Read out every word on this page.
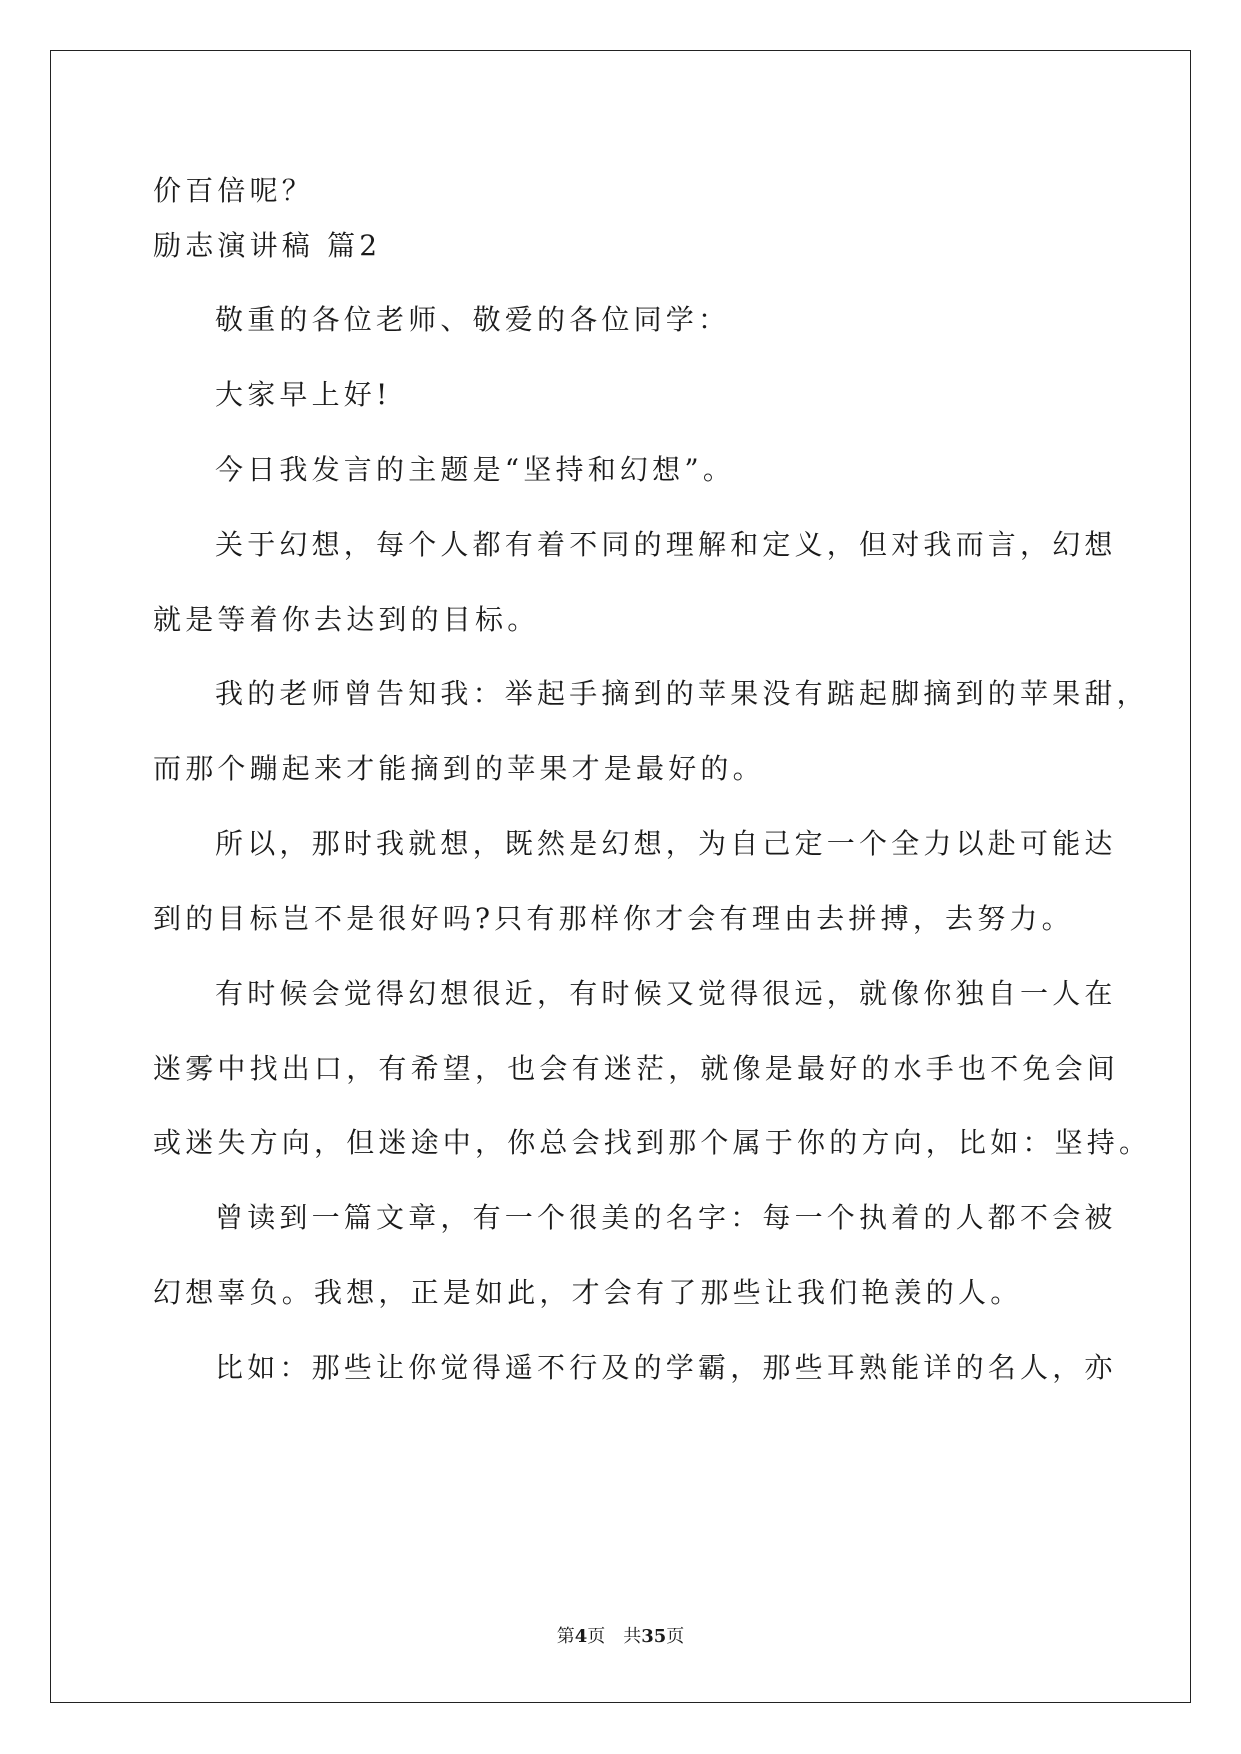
价百倍呢？
励志演讲稿 篇2
敬重的各位老师、敬爱的各位同学：
大家早上好!
今日我发言的主题是“坚持和幻想”。
关于幻想，每个人都有着不同的理解和定义，但对我而言，幻想
就是等着你去达到的目标。
我的老师曾告知我：举起手摘到的苹果没有踮起脚摘到的苹果甜，
而那个蹦起来才能摘到的苹果才是最好的。
所以，那时我就想，既然是幻想，为自己定一个全力以赴可能达
到的目标岂不是很好吗?只有那样你才会有理由去拼搏，去努力。
有时候会觉得幻想很近，有时候又觉得很远，就像你独自一人在
迷雾中找出口，有希望，也会有迷茫，就像是最好的水手也不免会间
或迷失方向，但迷途中，你总会找到那个属于你的方向，比如：坚持。
曾读到一篇文章，有一个很美的名字：每一个执着的人都不会被
幻想辜负。我想，正是如此，才会有了那些让我们艳羡的人。
比如：那些让你觉得遥不行及的学霸，那些耳熟能详的名人，亦
第4页　共35页
